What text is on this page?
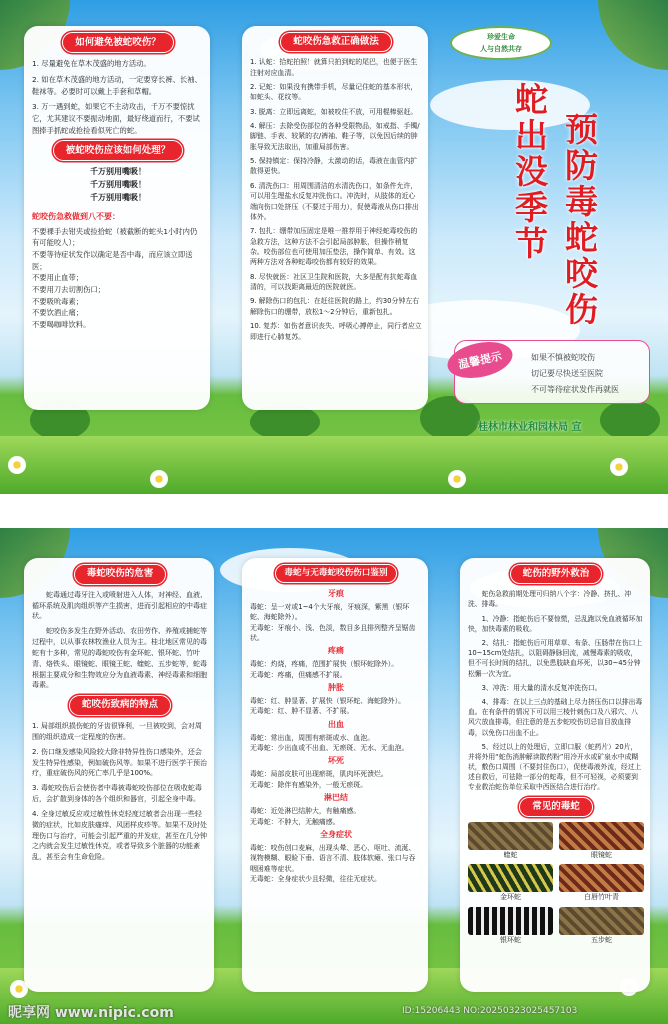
如何避免被蛇咬伤？
1. 尽量避免在草木茂盛的地方活动。
2. 如在草木茂盛的地方活动，一定要穿长裤、长袖、鞋袜等。必要时可以戴上手套和草帽。
3. 万一遇到蛇，如果它不主动攻击，千万不要惊扰它，尤其建议不要振动地面，最好绕道而行，不要试图捧手抓蛇或抢捡看似死亡的蛇。
被蛇咬伤应该如何处理？
千万别用嘴吸！
千万别用嘴吸！
千万别用嘴吸！
蛇咬伤急救做到八不要：
不要裸手去钳夹或捡拾蛇（被截断的蛇头1小时内仍有可能咬人）；
不要等待症状发作以确定是否中毒，而应该立即送医；
不要用止血带；
不要用刀去切割伤口；
不要吸吮毒素；
不要饮酒止痛；
不要喝咖啡饮料。
蛇咬伤急救正确做法
1. 认蛇：拾蛇拍照！就算只拍到蛇的尾巴，也便于医生注射对应血清。
2. 记蛇：如果没有携带手机，尽量记住蛇的基本形状，如蛇头、花纹等。
3. 脱离：立即远离蛇，如被咬住不放，可用棍棒驱赶。
4. 解压：去除受伤部位的各种受限物品，如戒指、手镯/脚链、手表、较紧的衣/裤袖、鞋子等，以免因后续的肿胀导致无法取出，加重局部伤害。
5. 保持镇定：保持冷静，太激动的话，毒液在血管内扩散得更快。
6. 清洗伤口：用周围清洁的水清洗伤口，如条件允许，可以用生理盐水反复冲洗伤口。冲洗时，从肢体的近心端向伤口处挤压（不要过于用力），促使毒液从伤口排出体外。
7. 包扎：绷带加压固定是唯一推荐用于神经蛇毒咬伤的急救方法，这种方法不会引起局部肿胀，但操作稍复杂。咬伤部位也可使用加压垫法，操作简单、有效。这两种方法对各种蛇毒咬伤都有较好的效果。
8. 尽快就医：社区卫生院和医院，大多是配有抗蛇毒血清的，可以找距离最近的医院就医。
9. 解除伤口的包扎：在赶往医院的路上，约30分钟左右解除伤口的绷带，放松1～2分钟后，重新包扎。
10. 复苏：如伤者意识丧失、呼吸心搏停止，同行者应立即进行心肺复苏。
珍爱生命
人与自然共存
预防毒蛇咬伤
蛇出没季节
温馨提示	如果不慎被蛇咬伤
切记要尽快送至医院
不可等待症状发作再就医
桂林市林业和园林局 宣
毒蛇咬伤的危害
蛇毒通过毒牙注入或喷射进入人体，对神经、血液、循环系统及肌肉组织等产生损害，进而引起相应的中毒症状。
蛇咬伤多发生在野外活动、农田劳作、养殖或捕蛇等过程中，以从事农林牧渔业人员为主。桂北地区常见的毒蛇有十多种，常见的毒蛇咬伤有金环蛇、银环蛇、竹叶青、烙铁头、眼镜蛇、眼镜王蛇、蝰蛇、五步蛇等，蛇毒根据主要成分和生物效应分为血液毒素、神经毒素和细胞毒素。
蛇咬伤致病的特点
1. 局部组织损伤蛇的牙齿很锋利，一旦被咬到，会对周围的组织造成一定程度的伤害。
2. 伤口继发感染风险较大除非特异性伤口感染外，还会发生特异性感染，例如破伤风等。如果不进行医学干预治疗，重症破伤风的死亡率几乎是100%。
3. 毒蛇咬伤后会使伤者中毒被毒蛇咬伤部位在吸收蛇毒后，会扩散到身体的各个组织和器官，引起全身中毒。
4. 全身过敏反应或过敏性休克轻度过敏者会出现一些轻微的症状，比如皮肤瘙痒、风团样皮疹等。如果不及时处理伤口与治疗，可能会引起严重的并发症，甚至在几分钟之内就会发生过敏性休克，或者导致多个脏器的功能紊乱，甚至会有生命危险。
毒蛇与无毒蛇咬伤伤口鉴别
牙痕
毒蛇：呈一对或1~4个大牙痕，牙痕深，紫黑（银环蛇、海蛇除外）。
无毒蛇：牙痕小、浅、色淡，数目多且排列整齐呈锯齿状。
疼痛
毒蛇：灼烧，疼痛，范围扩展快（银环蛇除外）。
无毒蛇：疼痛，但痛感不扩展。
肿胀
毒蛇：红、肿显著、扩展快（银环蛇、海蛇除外）。
无毒蛇：红、肿不显著、不扩展。
出血
毒蛇：常出血，周围有瘀斑或水、血泡。
无毒蛇：少出血或不出血、无瘀斑、无水、无血泡。
坏死
毒蛇：局部皮肤可出现瘀斑，肌肉坏死溃烂。
无毒蛇：除伴有感染外，一般无瘀斑。
淋巴结
毒蛇：近处淋巴结肿大，有触痛感。
无毒蛇：不肿大，无触痛感。
全身症状
毒蛇：咬伤创口麦麻，出现头晕、恶心、呕吐、流涎、视物模糊、眼睑下垂、语言不清、肢体软瘫、张口与吞咽困难等症状。
无毒蛇：全身症状少且轻微，往往无症状。
蛇伤的野外救治
蛇伤急救前期处理可归纳八个字：冷静、挤扎、冲洗、排毒。
1、冷静：指蛇伤后不要惊慌，忌乱跑以免血液循环加快，加快毒素的吸收。
2、结扎：指蛇伤后可用草草、布条、压肠带在伤口上10~15cm处结扎，以阻碍静脉回流，减慢毒素的吸收，但不可长时间的结扎，以免患肢缺血坏死，以30~45分钟松懈一次为宜。
3、冲洗：用大量的清水反复冲洗伤口。
4、排毒：在以上三点的基础上尽力挤压伤口以排出毒血。在有条件的情况下可以用三棱针刺伤口及八邪穴、八风穴放血排毒，但注意的是五步蛇咬伤切忌盲目放血排毒，以免伤口出血不止。
5、经过以上的处理后，立即口服（蛇药片）20片，并将外用“蛇伤消肿解读散药粉”用冷开水或矿泉水中成糊状，敷伤口周围（不要封住伤口），促使毒液外流，经过上述自救后，可祛除一部分的蛇毒，但不可轻视，必须要到专业救治蛇伤单位采取中西医结合进行治疗。
常见的毒蛇
蝰蛇	眼镜蛇
金环蛇	白唇竹叶青
银环蛇	五步蛇
昵享网 www.nipic.com	ID:15206443 NO:20250323025457103
